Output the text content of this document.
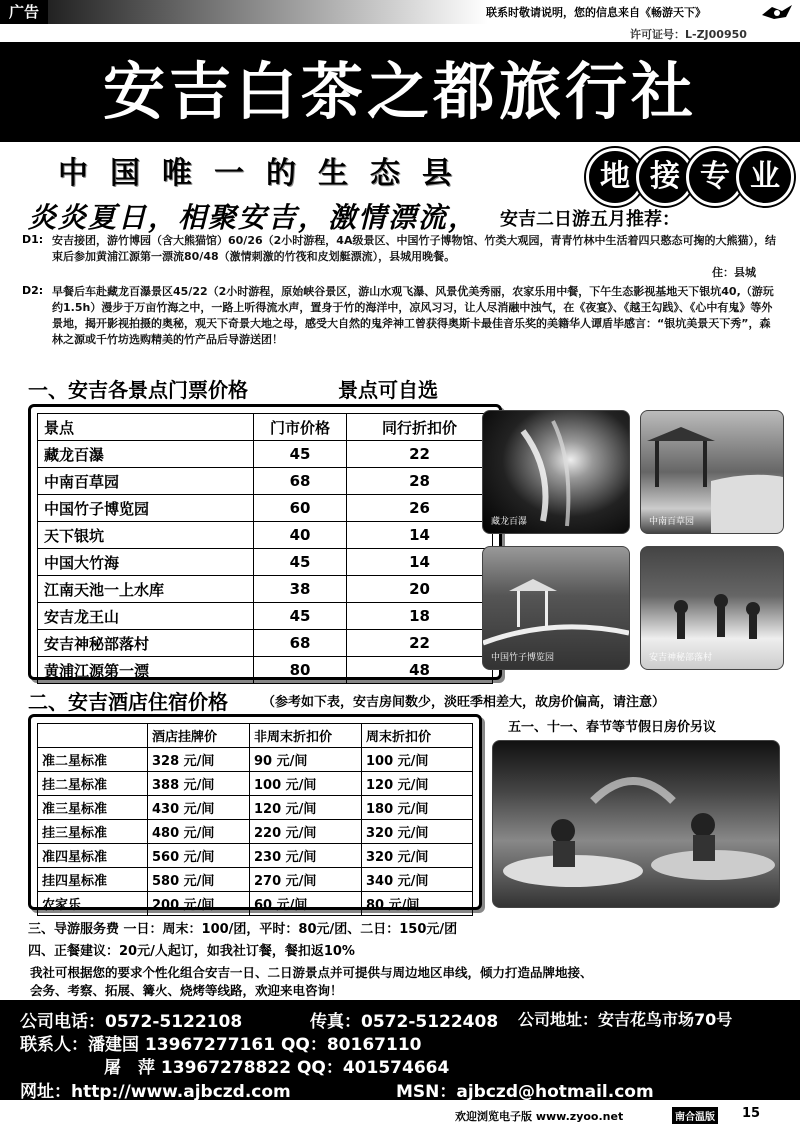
广告	联系时敬请说明，您的信息来自《畅游天下》
许可证号：L-ZJ00950
安吉白茶之都旅行社
中国唯一的生态县	地 接 专 业
炎炎夏日，相聚安吉，激情漂流， 安吉二日游五月推荐：
D1: 安吉接团，游竹博园（含大熊猫馆）60/26（2小时游程，4A级景区、中国竹子博物馆、竹类大观园，青青竹林中生活着四只憨态可掬的大熊猫），结束后参加黄浦江源第一漂流80/48（激情刺激的竹筏和皮划艇漂流），县城用晚餐。
住：县城
D2: 早餐后车赴藏龙百瀑景区45/22（2小时游程，原始峡谷景区，游山水观飞瀑、风景优美秀丽，农家乐用中餐，下午生态影视基地天下银坑40,（游玩约1.5h）漫步于万亩竹海之中，一路上听得流水声，置身于竹的海洋中，凉风习习，让人尽消融中浊气，在《夜宴》、《越王勾践》、《心中有鬼》等外景地，揭开影视拍摄的奥秘，观天下奇景大地之母，感受大自然的鬼斧神工曾获得奥斯卡最佳音乐奖的美籍华人谭盾毕感言：“银坑美景天下秀”，森林之源或千竹坊选购精美的竹产品后导游送团！
一、安吉各景点门票价格	景点可自选
景点	门市价格	同行折扣价
藏龙百瀑	45	22
中南百草园	68	28
中国竹子博览园	60	26
天下银坑	40	14
中国大竹海	45	14
江南天池一上水库	38	20
安吉龙王山	45	18
安吉神秘部落村	68	22
黄浦江源第一漂	80	48
藏龙百瀑	中南百草园
中国竹子博览园	安吉神秘部落村
二、安吉酒店住宿价格	（参考如下表，安吉房间数少，淡旺季相差大，故房价偏高，请注意）
	酒店挂牌价	非周末折扣价	周末折扣价
准二星标准	328 元/间	90 元/间	100 元/间
挂二星标准	388 元/间	100 元/间	120 元/间
准三星标准	430 元/间	120 元/间	180 元/间
挂三星标准	480 元/间	220 元/间	320 元/间
准四星标准	560 元/间	230 元/间	320 元/间
挂四星标准	580 元/间	270 元/间	340 元/间
农家乐	200 元/间	60 元/间	80 元/间
五一、十一、春节等节假日房价另议
三、导游服务费 一日：周末：100/团，平时：80元/团、二日：150元/团
四、正餐建议：20元/人起订，如我社订餐，餐扣返10%
我社可根据您的要求个性化组合安吉一日、二日游景点并可提供与周边地区串线，倾力打造品牌地接、
会务、考察、拓展、篝火、烧烤等线路，欢迎来电咨询！
公司电话：0572-5122108	传真：0572-5122408 公司地址：安吉花鸟市场70号
联系人：潘建国 13967277161 QQ：80167110
屠　萍 13967278822 QQ：401574664
网址：http://www.ajbczd.com	MSN：ajbczd@hotmail.com
欢迎浏览电子版 www.zyoo.net	南合温版 15
